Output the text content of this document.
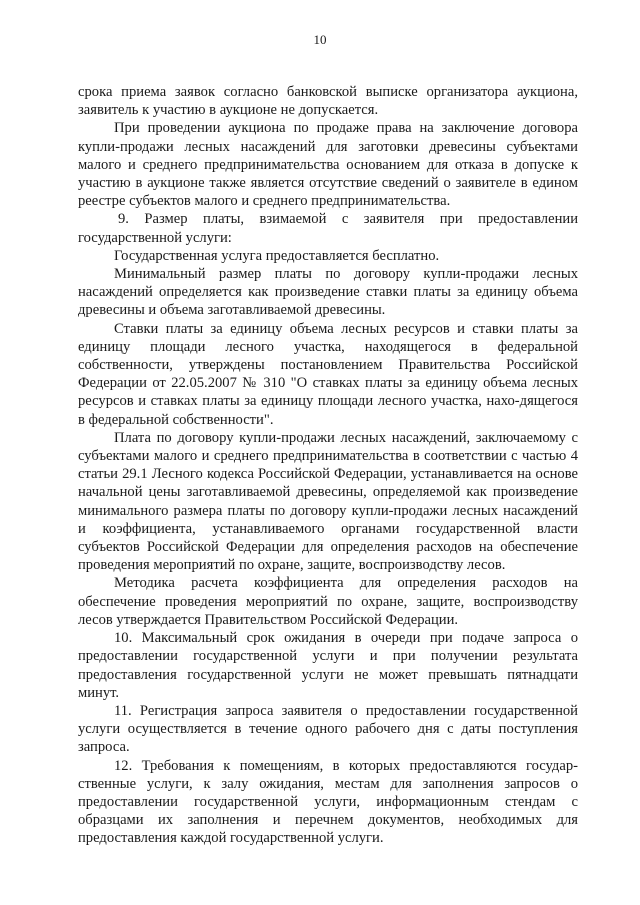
10

срока приема заявок согласно банковской выписке организатора аукциона, заявитель к участию в аукционе не допускается.

При проведении аукциона по продаже права на заключение договора купли-продажи лесных насаждений для заготовки древесины субъектами малого и среднего предпринимательства основанием для отказа в допуске к участию в аукционе также является отсутствие сведений о заявителе в едином реестре субъектов малого и среднего предпринимательства.

9. Размер платы, взимаемой с заявителя при предоставлении государственной услуги:

Государственная услуга предоставляется бесплатно.

Минимальный размер платы по договору купли-продажи лесных насаждений определяется как произведение ставки платы за единицу объема древесины и объема заготавливаемой древесины.

Ставки платы за единицу объема лесных ресурсов и ставки платы за единицу площади лесного участка, находящегося в федеральной собственности, утверждены постановлением Правительства Российской Федерации от 22.05.2007 № 310 "О ставках платы за единицу объема лесных ресурсов и ставках платы за единицу площади лесного участка, нахо-дящегося в федеральной собственности".

Плата по договору купли-продажи лесных насаждений, заключаемому с субъектами малого и среднего предпринимательства в соответствии с частью 4 статьи 29.1 Лесного кодекса Российской Федерации, устанавливается на основе начальной цены заготавливаемой древесины, определяемой как произведение минимального размера платы по договору купли-продажи лесных насаждений и коэффициента, устанавливаемого органами государственной власти субъектов Российской Федерации для определения расходов на обеспечение проведения мероприятий по охране, защите, воспроизводству лесов.

Методика расчета коэффициента для определения расходов на обеспечение проведения мероприятий по охране, защите, воспроизводству лесов утверждается Правительством Российской Федерации.

10. Максимальный срок ожидания в очереди при подаче запроса о предоставлении государственной услуги и при получении результата предоставления государственной услуги не может превышать пятнадцати минут.

11. Регистрация запроса заявителя о предоставлении государственной услуги осуществляется в течение одного рабочего дня с даты поступления запроса.

12. Требования к помещениям, в которых предоставляются государ-ственные услуги, к залу ожидания, местам для заполнения запросов о предоставлении государственной услуги, информационным стендам с образцами их заполнения и перечнем документов, необходимых для предоставления каждой государственной услуги.
